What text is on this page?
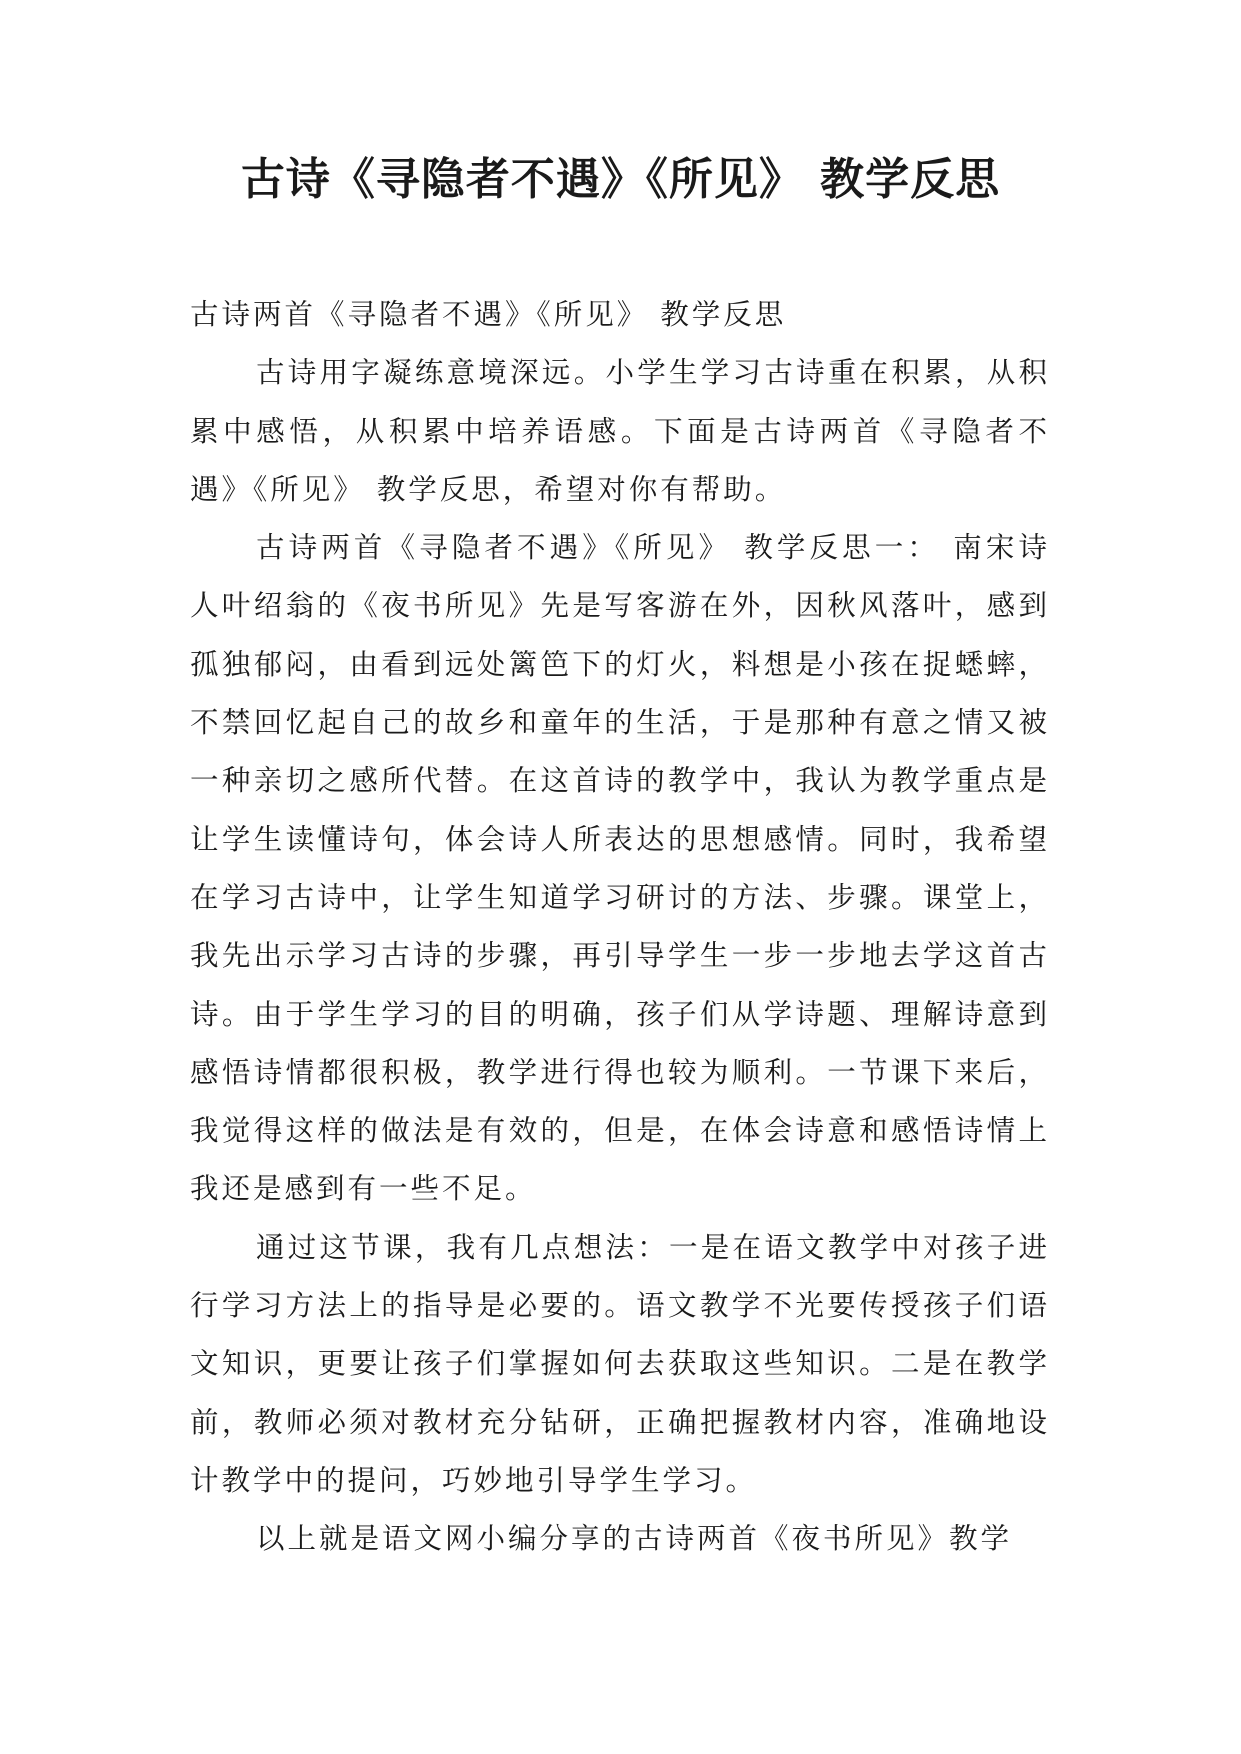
古诗《寻隐者不遇》《所见》 教学反思

古诗两首《寻隐者不遇》《所见》 教学反思

古诗用字凝练意境深远。小学生学习古诗重在积累，从积累中感悟，从积累中培养语感。下面是古诗两首《寻隐者不遇》《所见》 教学反思，希望对你有帮助。

古诗两首《寻隐者不遇》《所见》 教学反思一： 南宋诗人叶绍翁的《夜书所见》先是写客游在外，因秋风落叶，感到孤独郁闷，由看到远处篱笆下的灯火，料想是小孩在捉蟋蟀，不禁回忆起自己的故乡和童年的生活，于是那种有意之情又被一种亲切之感所代替。在这首诗的教学中，我认为教学重点是让学生读懂诗句，体会诗人所表达的思想感情。同时，我希望在学习古诗中，让学生知道学习研讨的方法、步骤。课堂上，我先出示学习古诗的步骤，再引导学生一步一步地去学这首古诗。由于学生学习的目的明确，孩子们从学诗题、理解诗意到感悟诗情都很积极，教学进行得也较为顺利。一节课下来后，我觉得这样的做法是有效的，但是，在体会诗意和感悟诗情上我还是感到有一些不足。

通过这节课，我有几点想法：一是在语文教学中对孩子进行学习方法上的指导是必要的。语文教学不光要传授孩子们语文知识，更要让孩子们掌握如何去获取这些知识。二是在教学前，教师必须对教材充分钻研，正确把握教材内容，准确地设计教学中的提问，巧妙地引导学生学习。

以上就是语文网小编分享的古诗两首《夜书所见》教学
